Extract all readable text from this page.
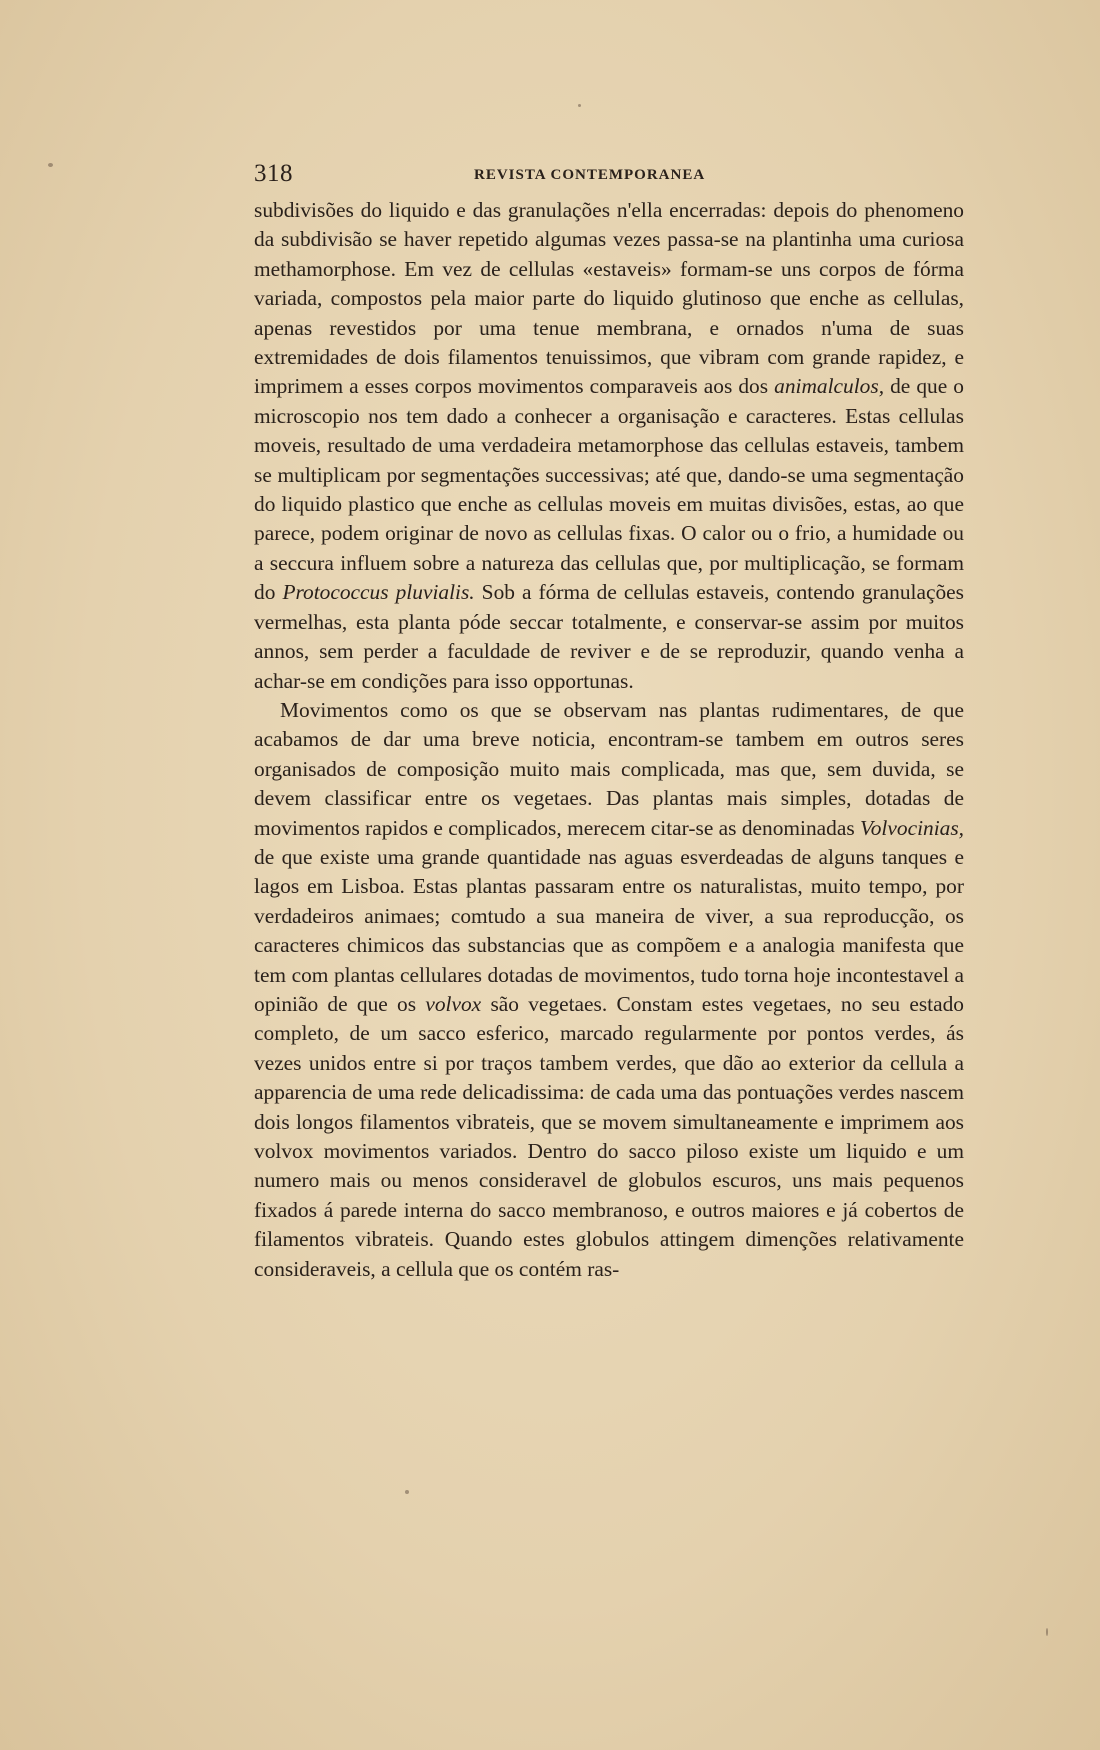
318	REVISTA CONTEMPORANEA

subdivisões do liquido e das granulações n'ella encerradas: depois do phenomeno da subdivisão se haver repetido algumas vezes passa-se na plantinha uma curiosa methamorphose. Em vez de cellulas «estaveis» formam-se uns corpos de fórma variada, compostos pela maior parte do liquido glutinoso que enche as cellulas, apenas revestidos por uma tenue membrana, e ornados n'uma de suas extremidades de dois filamentos tenuissimos, que vibram com grande rapidez, e imprimem a esses corpos movimentos comparaveis aos dos animalculos, de que o microscopio nos tem dado a conhecer a organisação e caracteres. Estas cellulas moveis, resultado de uma verdadeira metamorphose das cellulas estaveis, tambem se multiplicam por segmentações successivas; até que, dando-se uma segmentação do liquido plastico que enche as cellulas moveis em muitas divisões, estas, ao que parece, podem originar de novo as cellulas fixas. O calor ou o frio, a humidade ou a seccura influem sobre a natureza das cellulas que, por multiplicação, se formam do Protococcus pluvialis. Sob a fórma de cellulas estaveis, contendo granulações vermelhas, esta planta póde seccar totalmente, e conservar-se assim por muitos annos, sem perder a faculdade de reviver e de se reproduzir, quando venha a achar-se em condições para isso opportunas.

Movimentos como os que se observam nas plantas rudimentares, de que acabamos de dar uma breve noticia, encontram-se tambem em outros seres organisados de composição muito mais complicada, mas que, sem duvida, se devem classificar entre os vegetaes. Das plantas mais simples, dotadas de movimentos rapidos e complicados, merecem citar-se as denominadas Volvocinias, de que existe uma grande quantidade nas aguas esverdeadas de alguns tanques e lagos em Lisboa. Estas plantas passaram entre os naturalistas, muito tempo, por verdadeiros animaes; comtudo a sua maneira de viver, a sua reproducção, os caracteres chimicos das substancias que as compõem e a analogia manifesta que tem com plantas cellulares dotadas de movimentos, tudo torna hoje incontestavel a opinião de que os volvox são vegetaes. Constam estes vegetaes, no seu estado completo, de um sacco esferico, marcado regularmente por pontos verdes, ás vezes unidos entre si por traços tambem verdes, que dão ao exterior da cellula a apparencia de uma rede delicadissima: de cada uma das pontuações verdes nascem dois longos filamentos vibrateis, que se movem simultaneamente e imprimem aos volvox movimentos variados. Dentro do sacco piloso existe um liquido e um numero mais ou menos consideravel de globulos escuros, uns mais pequenos fixados á parede interna do sacco membranoso, e outros maiores e já cobertos de filamentos vibrateis. Quando estes globulos attingem dimenções relativamente consideraveis, a cellula que os contém ras-
